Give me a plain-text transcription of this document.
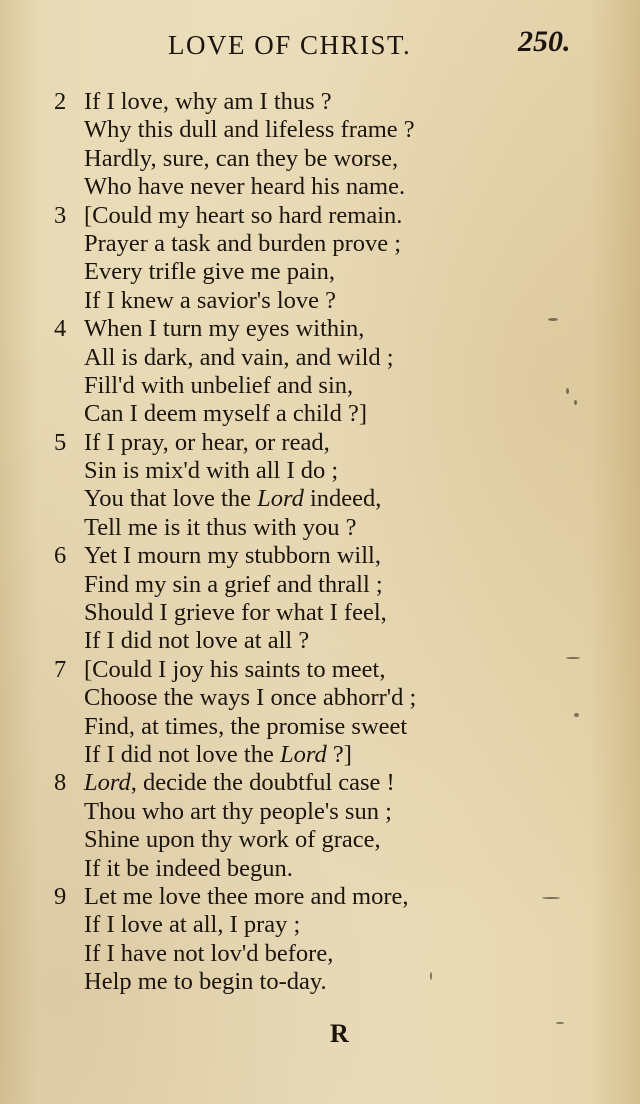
LOVE OF CHRIST.	250.
2 If I love, why am I thus ?
Why this dull and lifeless frame ?
Hardly, sure, can they be worse,
Who have never heard his name.
3 [Could my heart so hard remain.
Prayer a task and burden prove ;
Every trifle give me pain,
If I knew a savior's love ?
4 When I turn my eyes within,
All is dark, and vain, and wild ;
Fill'd with unbelief and sin,
Can I deem myself a child ?]
5 If I pray, or hear, or read,
Sin is mix'd with all I do ;
You that love the Lord indeed,
Tell me is it thus with you ?
6 Yet I mourn my stubborn will,
Find my sin a grief and thrall ;
Should I grieve for what I feel,
If I did not love at all ?
7 [Could I joy his saints to meet,
Choose the ways I once abhorr'd ;
Find, at times, the promise sweet
If I did not love the Lord ?]
8 Lord, decide the doubtful case !
Thou who art thy people's sun ;
Shine upon thy work of grace,
If it be indeed begun.
9 Let me love thee more and more,
If I love at all, I pray ;
If I have not lov'd before,
Help me to begin to-day.
R
